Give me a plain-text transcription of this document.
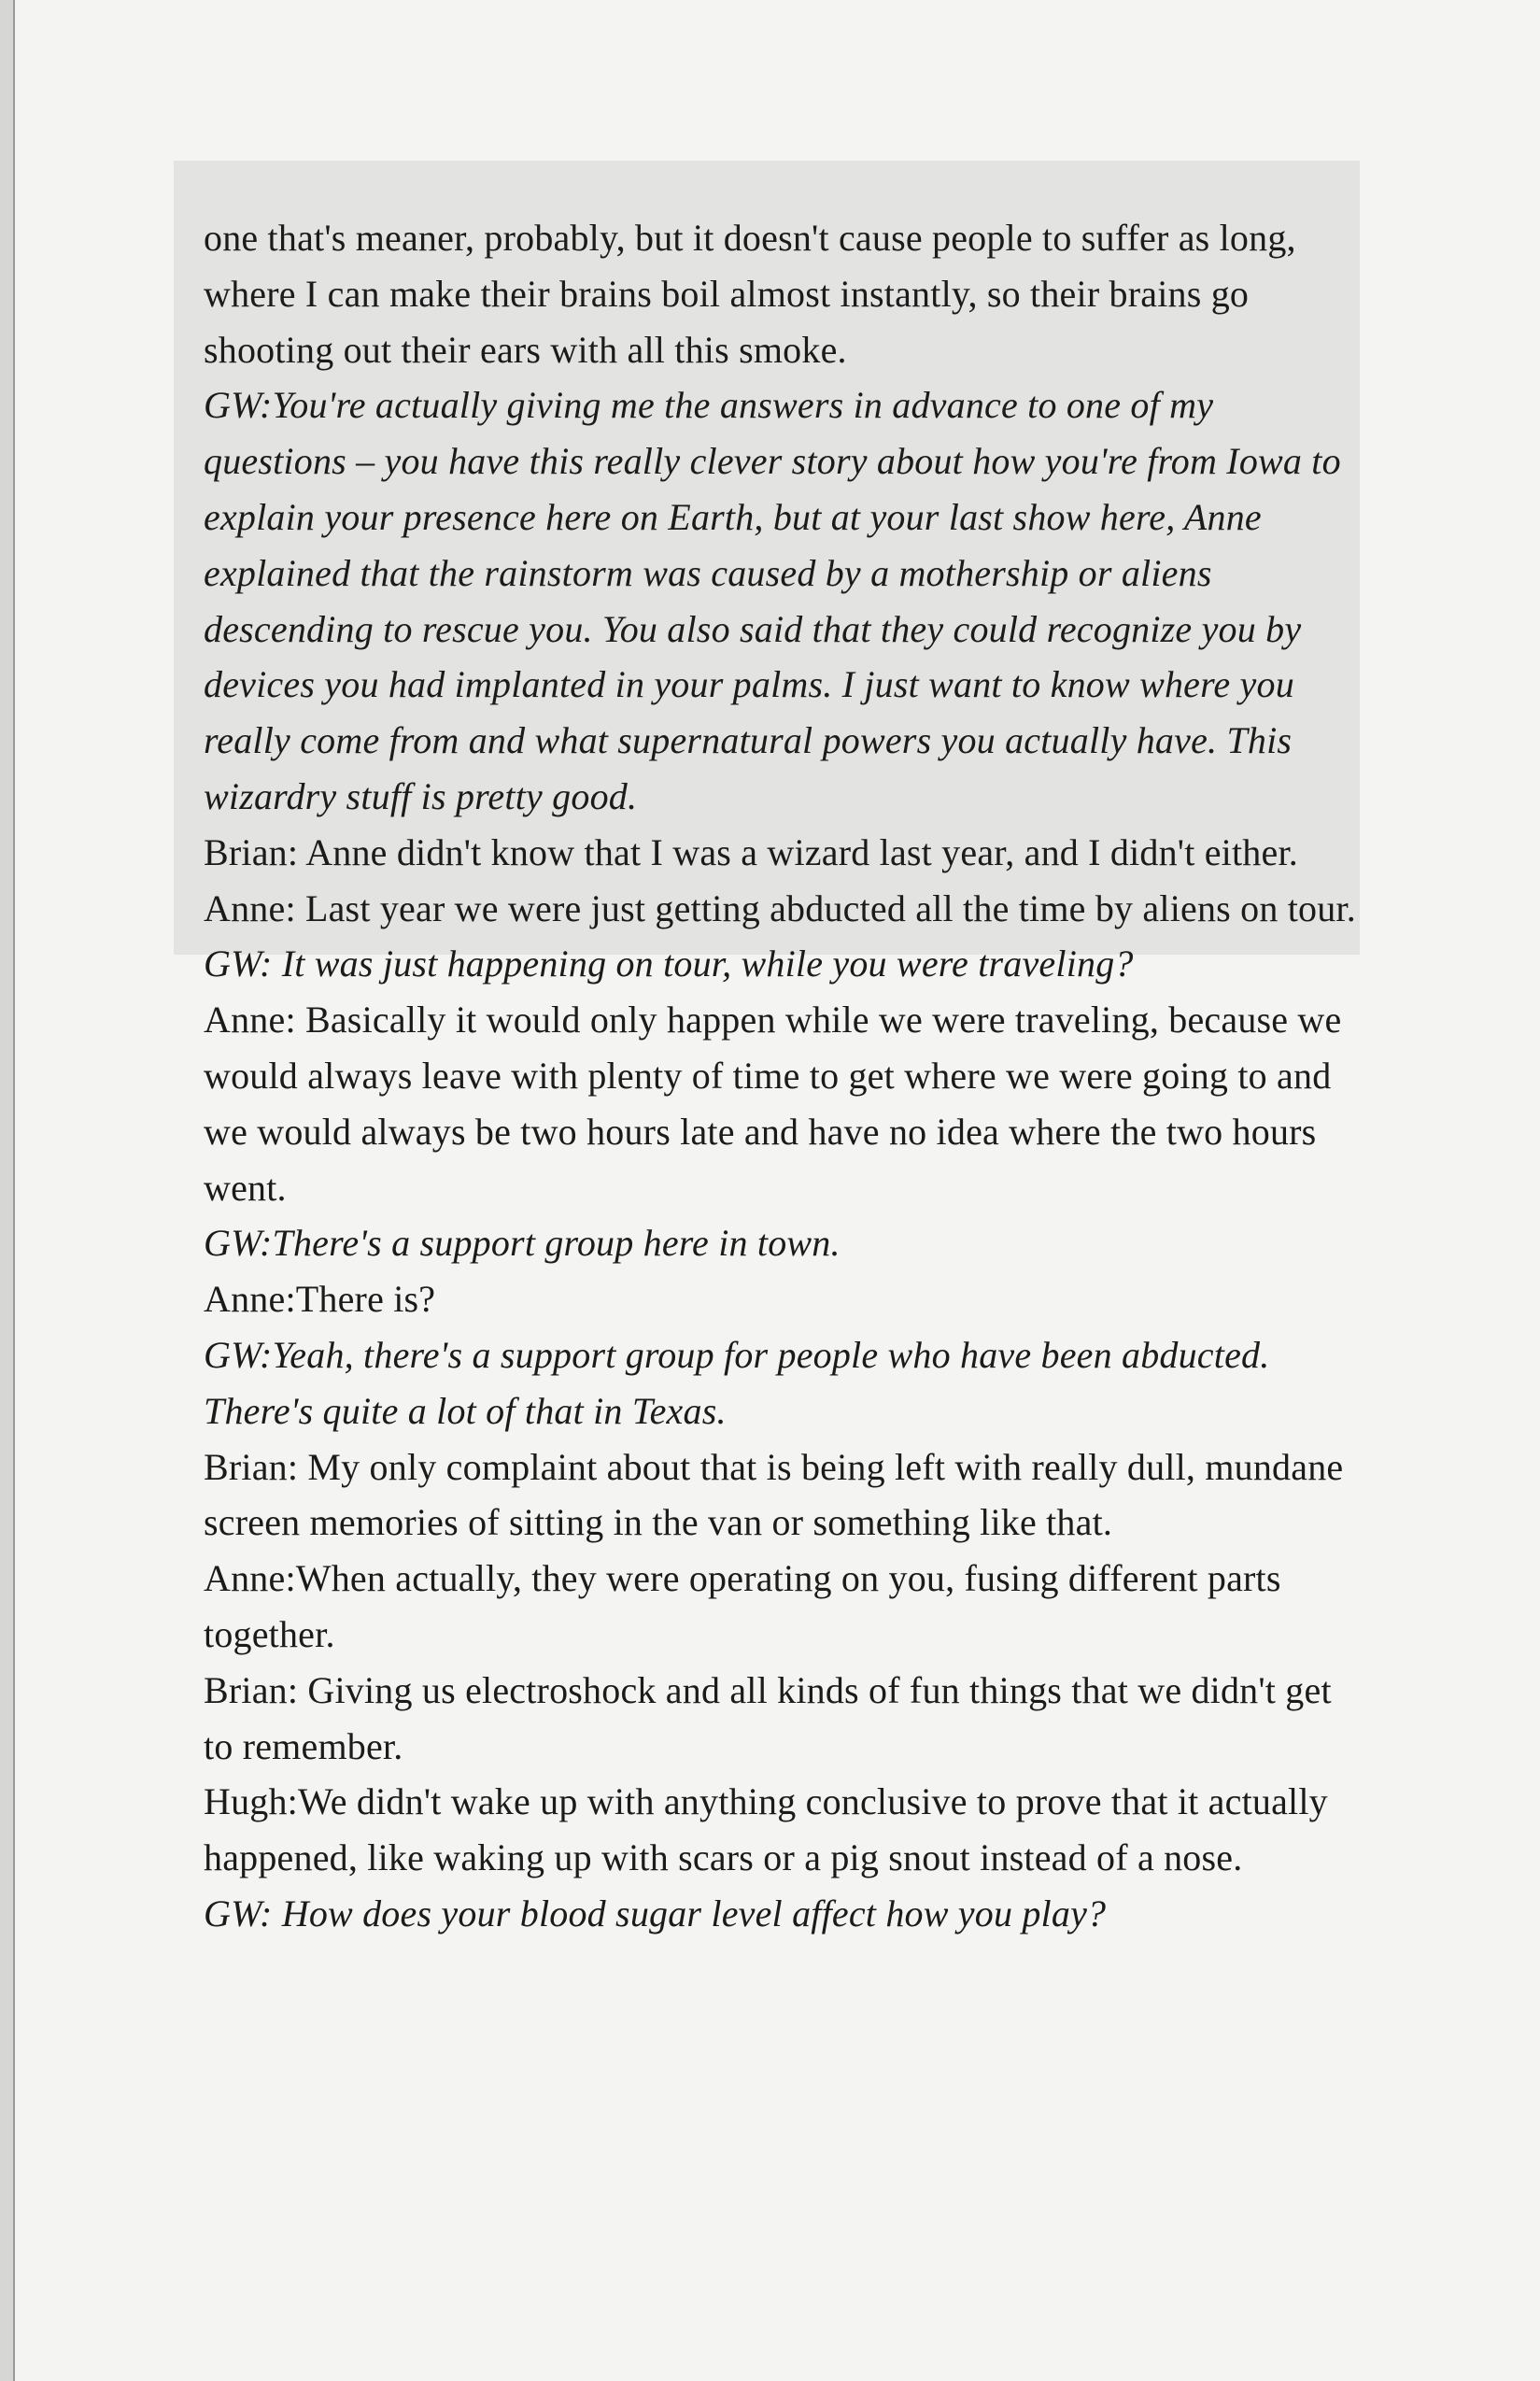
one that's meaner, probably, but it doesn't cause people to suffer as long, where I can make their brains boil almost instantly, so their brains go shooting out their ears with all this smoke.

GW:You're actually giving me the answers in advance to one of my questions – you have this really clever story about how you're from Iowa to explain your presence here on Earth, but at your last show here, Anne explained that the rainstorm was caused by a mothership or aliens descending to rescue you. You also said that they could recognize you by devices you had implanted in your palms. I just want to know where you really come from and what supernatural powers you actually have. This wizardry stuff is pretty good.

Brian: Anne didn't know that I was a wizard last year, and I didn't either.

Anne: Last year we were just getting abducted all the time by aliens on tour.

GW: It was just happening on tour, while you were traveling?

Anne: Basically it would only happen while we were traveling, because we would always leave with plenty of time to get where we were going to and we would always be two hours late and have no idea where the two hours went.

GW:There's a support group here in town.

Anne:There is?

GW:Yeah, there's a support group for people who have been abducted. There's quite a lot of that in Texas.

Brian: My only complaint about that is being left with really dull, mundane screen memories of sitting in the van or something like that.

Anne:When actually, they were operating on you, fusing different parts together.

Brian: Giving us electroshock and all kinds of fun things that we didn't get to remember.

Hugh:We didn't wake up with anything conclusive to prove that it actually happened, like waking up with scars or a pig snout instead of a nose.

GW: How does your blood sugar level affect how you play?
